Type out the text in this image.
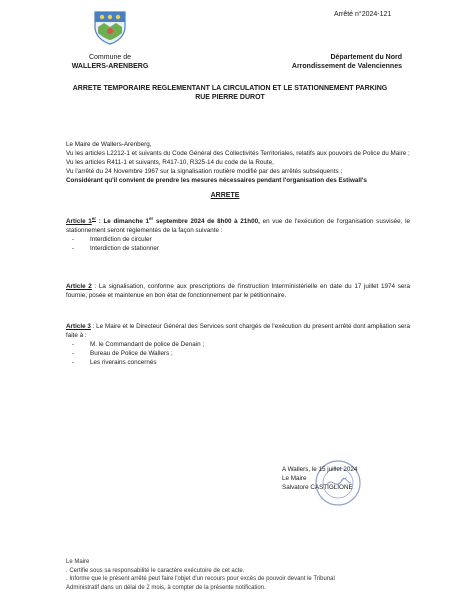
Arrêté n°2024-121
Commune de
WALLERS-ARENBERG
Département du Nord
Arrondissement de Valenciennes
ARRETE TEMPORAIRE REGLEMENTANT LA CIRCULATION ET LE STATIONNEMENT PARKING
RUE PIERRE DUROT
Le Maire de Wallers-Arenberg,
Vu les articles L2212-1 et suivants du Code Général des Collectivités Territoriales, relatifs aux pouvoirs de Police du Maire ;
Vu les articles R411-1 et suivants, R417-10, R325-14 du code de la Route,
Vu l'arrêté du 24 Novembre 1967 sur la signalisation routière modifié par des arrêtés subséquents ;
Considérant qu'il convient de prendre les mesures nécessaires pendant l'organisation des Estiwall's
ARRETE
Article 1er : Le dimanche 1er septembre 2024 de 8h00 à 21h00, en vue de l'exécution de l'organisation susvisée, le stationnement seront réglementés de la façon suivante :
- Interdiction de circuler
- Interdiction de stationner
Article 2 : La signalisation, conforme aux prescriptions de l'instruction Interministérielle en date du 17 juillet 1974 sera fournie, posée et maintenue en bon état de fonctionnement par le pétitionnaire.
Article 3 : Le Maire et le Directeur Général des Services sont chargés de l'exécution du présent arrêté dont ampliation sera faite à :
- M. le Commandant de police de Denain ;
- Bureau de Police de Wallers ;
- Les riverains concernés
A Wallers, le 15 juillet 2024
Le Maire
Salvatore CASTIGLIONE
Le Maire
. Certifie sous sa responsabilité le caractère exécutoire de cet acte.
. Informe que le présent arrêté peut faire l'objet d'un recours pour excès de pouvoir devant le Tribunal
Administratif dans un délai de 2 mois, à compter de la présente notification.
